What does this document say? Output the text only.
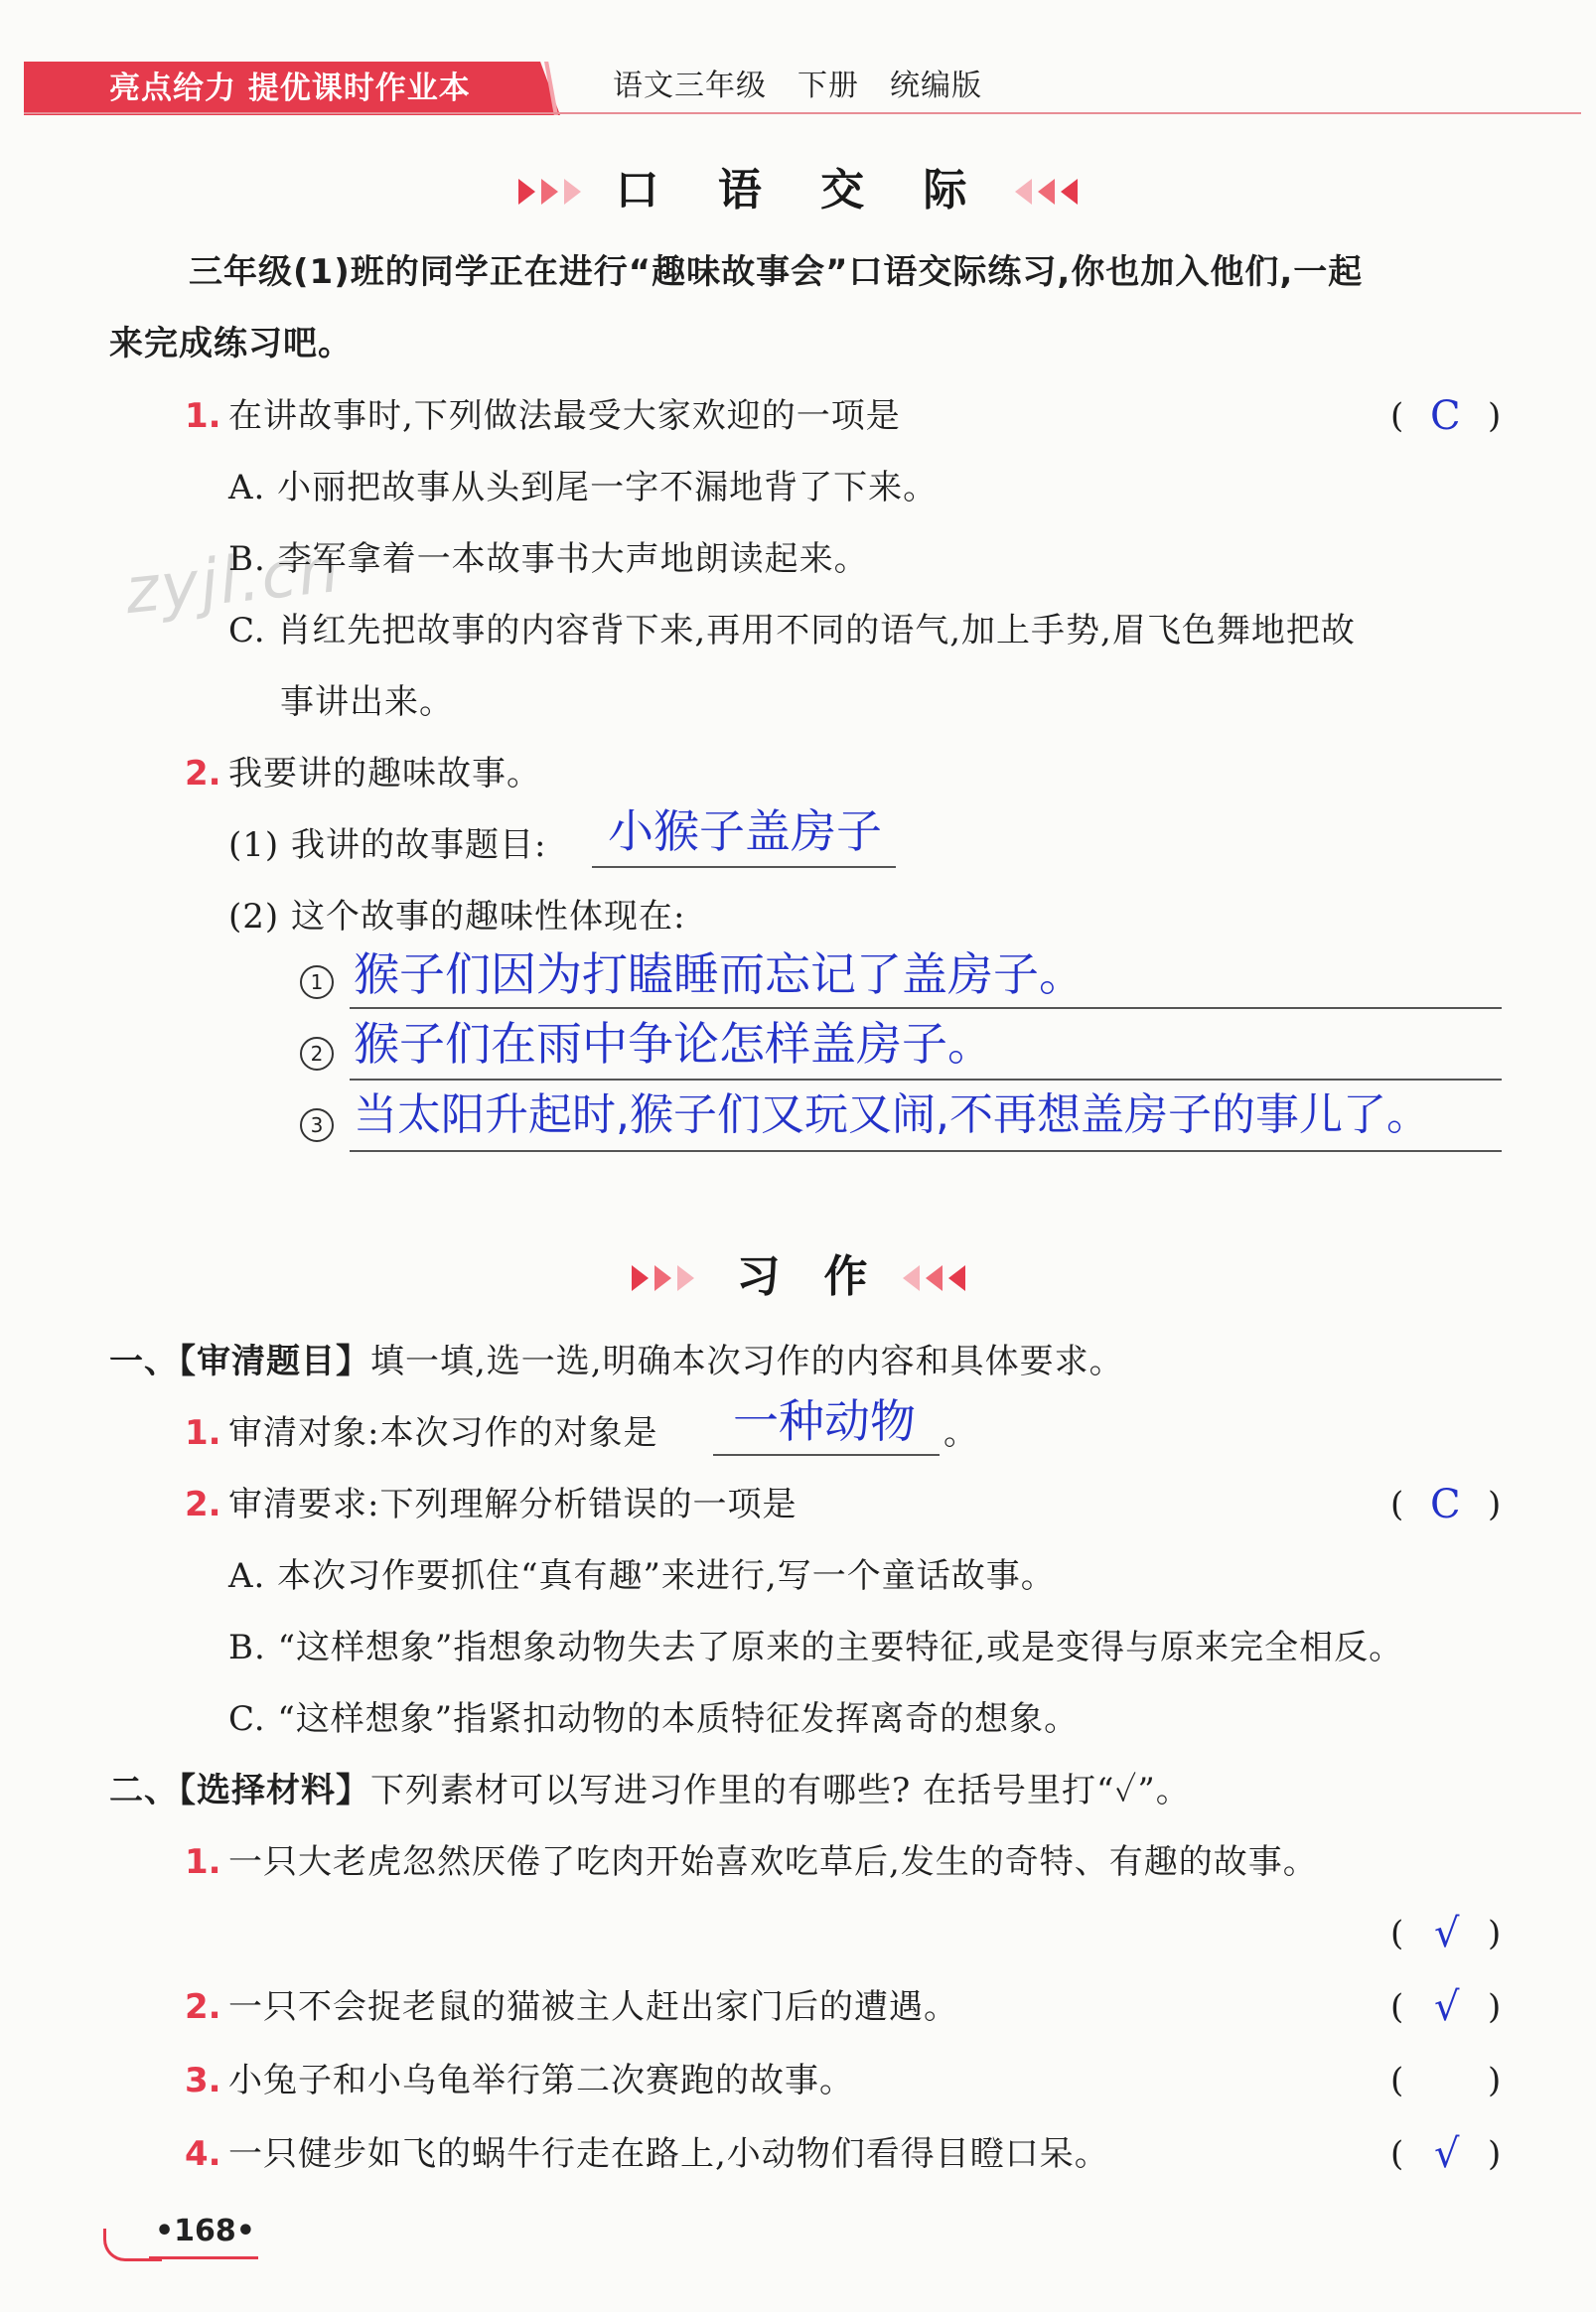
亮点给力 提优课时作业本	语文三年级　下册　统编版
zyjl.cn
口 语 交 际
三年级(1)班的同学正在进行“趣味故事会”口语交际练习,你也加入他们,一起
来完成练习吧。
1. 在讲故事时,下列做法最受大家欢迎的一项是	( C )
A. 小丽把故事从头到尾一字不漏地背了下来。
B. 李军拿着一本故事书大声地朗读起来。
C. 肖红先把故事的内容背下来,再用不同的语气,加上手势,眉飞色舞地把故
事讲出来。
2. 我要讲的趣味故事。
(1) 我讲的故事题目: 小猴子盖房子
(2) 这个故事的趣味性体现在:
1 猴子们因为打瞌睡而忘记了盖房子。
2 猴子们在雨中争论怎样盖房子。
3 当太阳升起时,猴子们又玩又闹,不再想盖房子的事儿了。
习　作
一、【审清题目】填一填,选一选,明确本次习作的内容和具体要求。
1. 审清对象:本次习作的对象是 一种动物 。
2. 审清要求:下列理解分析错误的一项是	( C )
A. 本次习作要抓住“真有趣”来进行,写一个童话故事。
B. “这样想象”指想象动物失去了原来的主要特征,或是变得与原来完全相反。
C. “这样想象”指紧扣动物的本质特征发挥离奇的想象。
二、【选择材料】下列素材可以写进习作里的有哪些? 在括号里打“✓”。
1. 一只大老虎忽然厌倦了吃肉开始喜欢吃草后,发生的奇特、有趣的故事。
( √ )
2. 一只不会捉老鼠的猫被主人赶出家门后的遭遇。	( √ )
3. 小兔子和小乌龟举行第二次赛跑的故事。	( )
4. 一只健步如飞的蜗牛行走在路上,小动物们看得目瞪口呆。	( √ )
•168•
